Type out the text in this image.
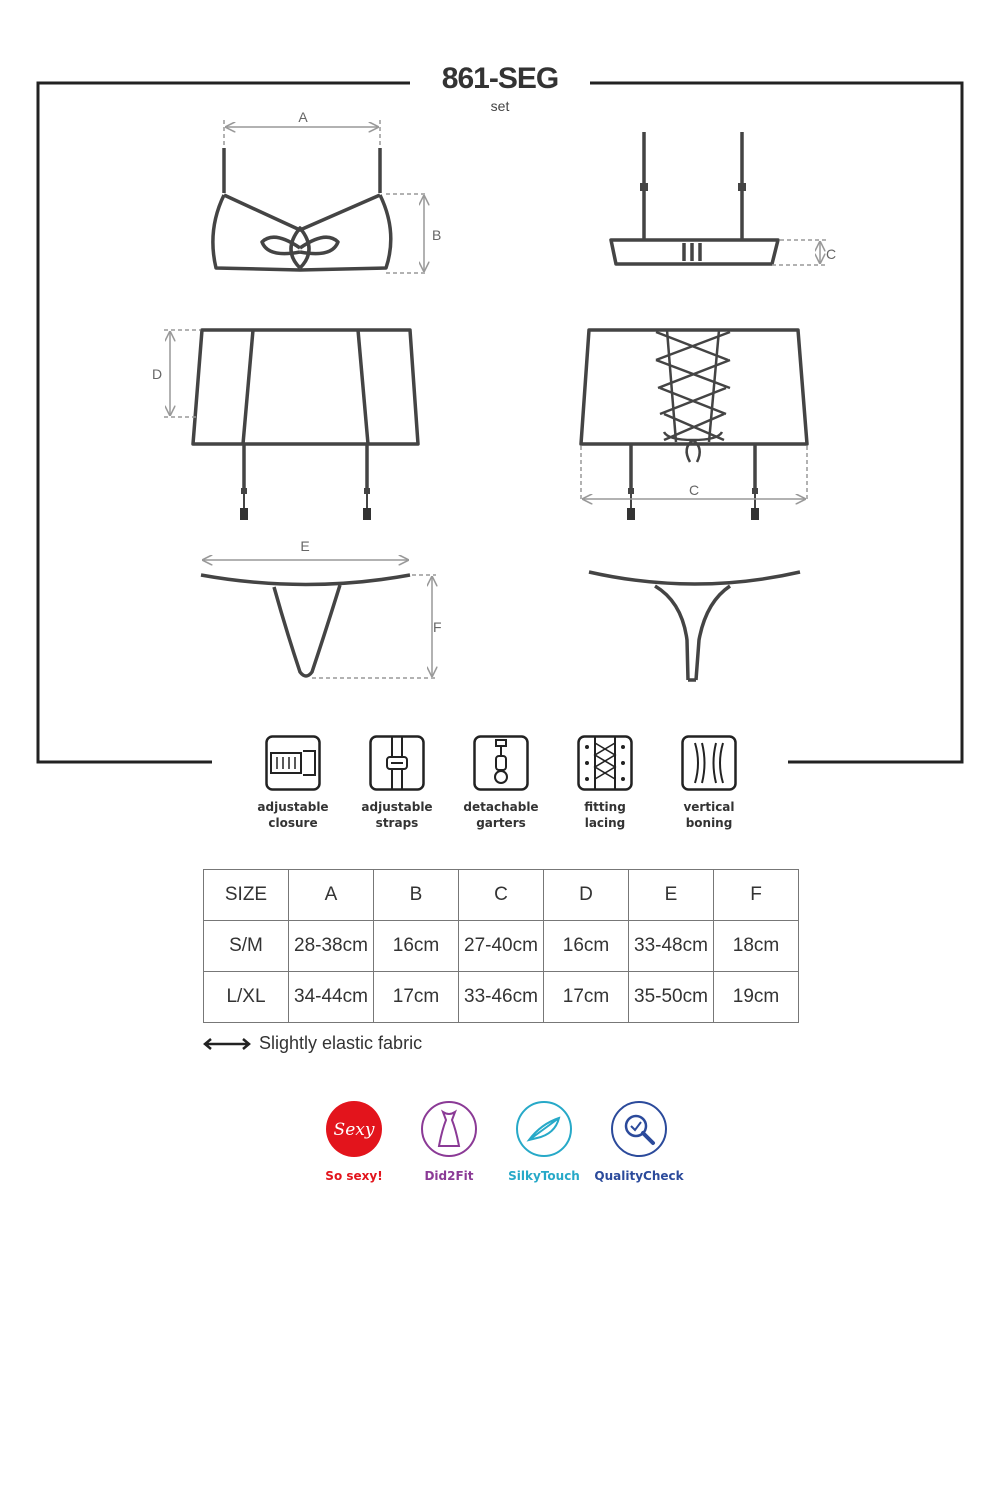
861-SEG
set
A
B
C
D
C
E
F
adjustable
closure
adjustable
straps
detachable
garters
fitting
lacing
vertical
boning
SIZE	A	B	C	D	E	F
S/M	28-38cm	16cm	27-40cm	16cm	33-48cm	18cm
L/XL	34-44cm	17cm	33-46cm	17cm	35-50cm	19cm
Slightly elastic fabric
Sexy
So sexy!	Did2Fit	SilkyTouch	QualityCheck
